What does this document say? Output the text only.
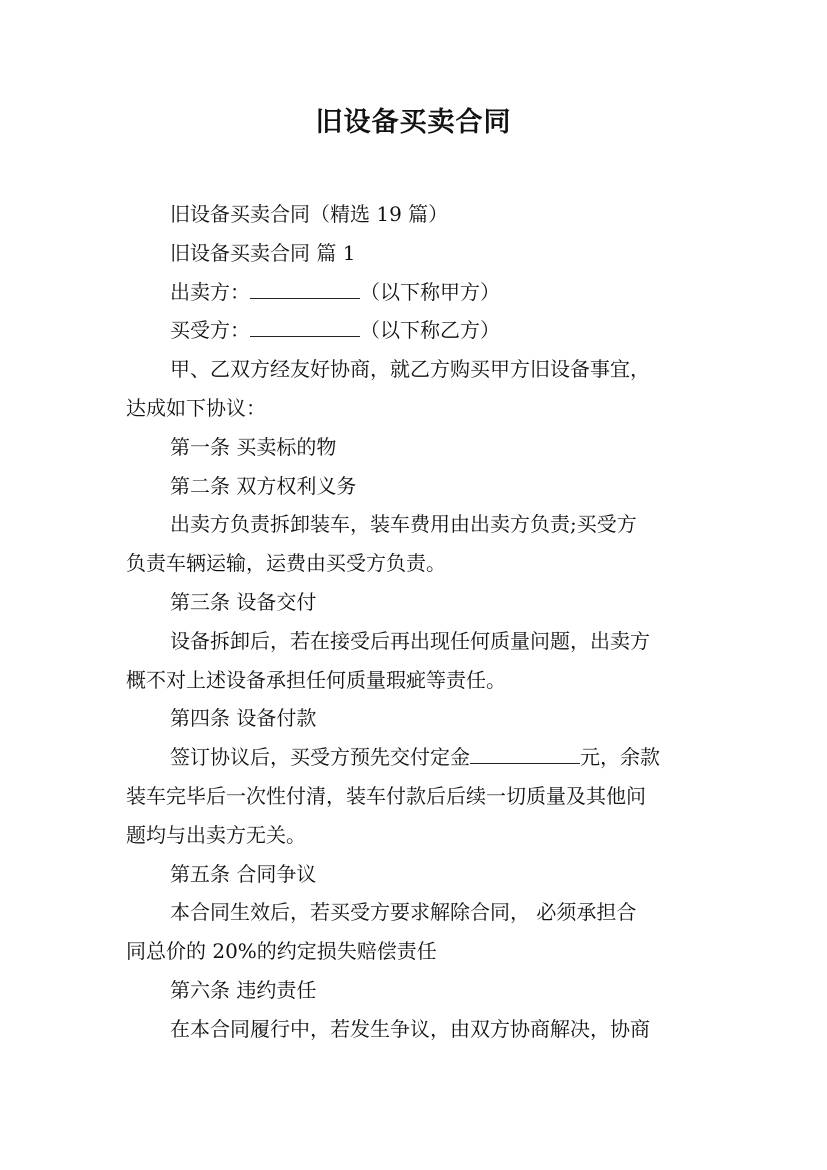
旧设备买卖合同

旧设备买卖合同（精选 19 篇）

旧设备买卖合同 篇 1

出卖方：	（以下称甲方）

买受方：	（以下称乙方）

甲、乙双方经友好协商，就乙方购买甲方旧设备事宜，

达成如下协议：

第一条 买卖标的物

第二条 双方权利义务

出卖方负责拆卸装车，装车费用由出卖方负责;买受方

负责车辆运输，运费由买受方负责。

第三条 设备交付

设备拆卸后，若在接受后再出现任何质量问题，出卖方

概不对上述设备承担任何质量瑕疵等责任。

第四条 设备付款

签订协议后，买受方预先交付定金	元，余款

装车完毕后一次性付清，装车付款后后续一切质量及其他问

题均与出卖方无关。

第五条 合同争议

本合同生效后，若买受方要求解除合同， 必须承担合

同总价的 20%的约定损失赔偿责任

第六条 违约责任

在本合同履行中，若发生争议，由双方协商解决，协商
